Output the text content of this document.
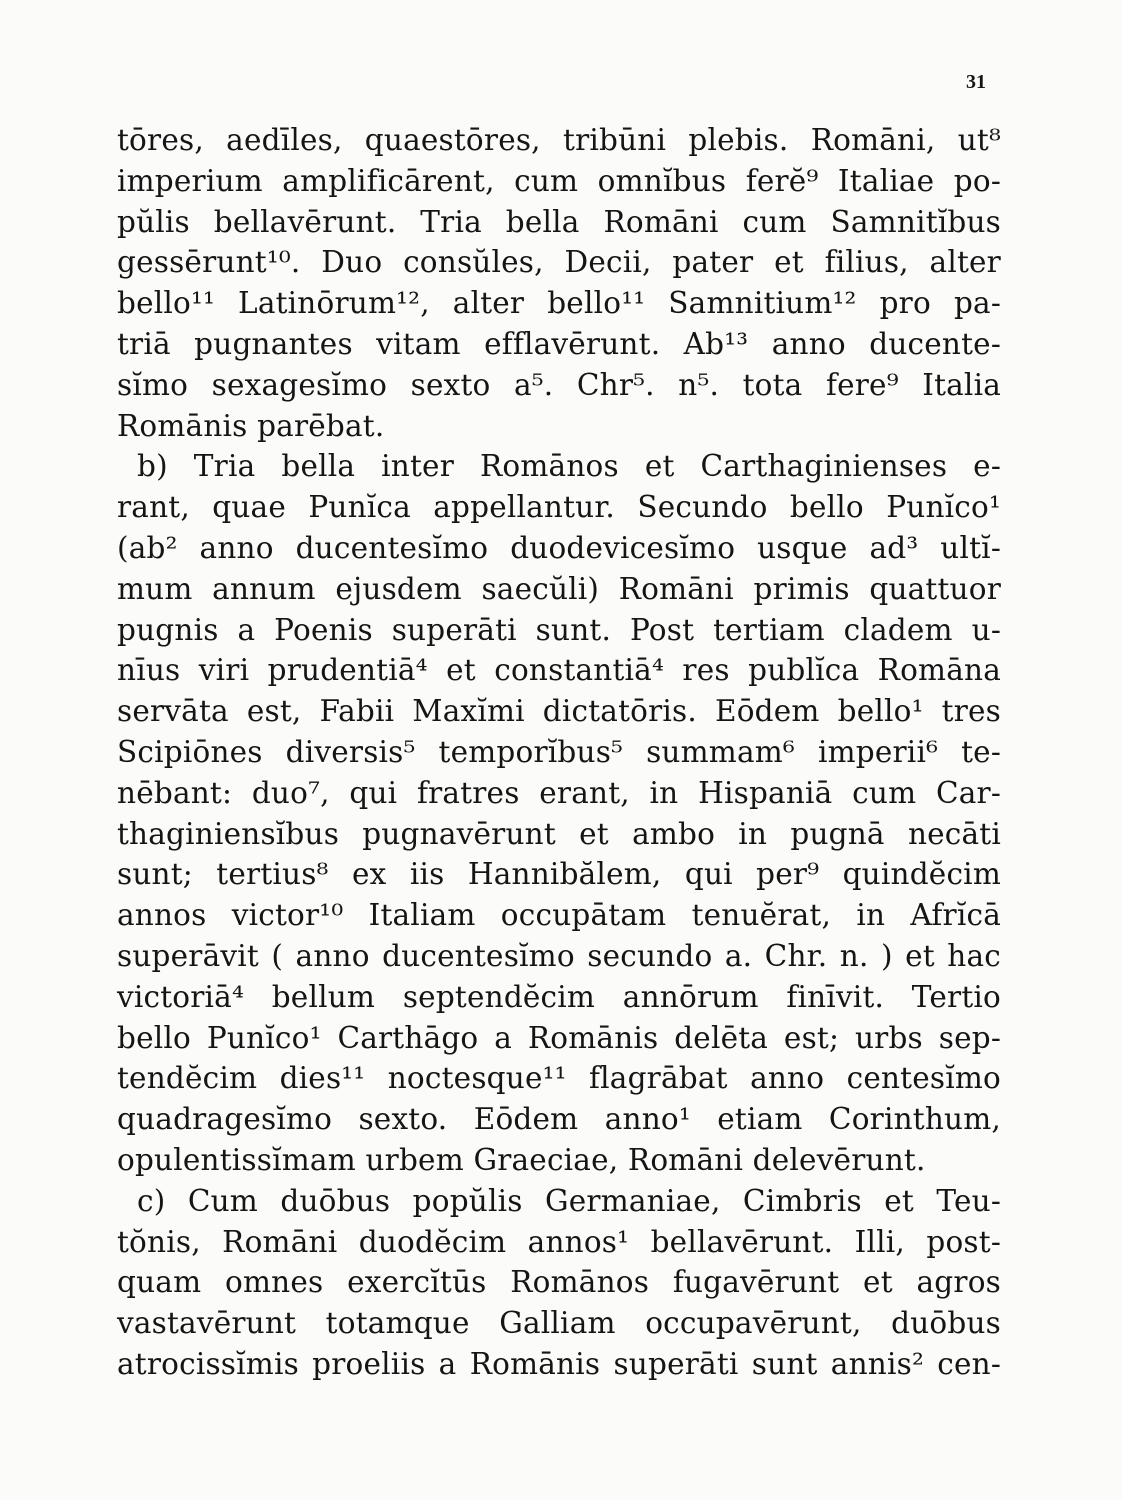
31
tōres, aedīles, quaestōres, tribūni plebis. Romāni, ut⁸
imperium amplificārent, cum omnĭbus ferĕ⁹ Italiae po-
pŭlis bellavērunt. Tria bella Romāni cum Samnitĭbus
gessērunt¹⁰. Duo consŭles, Decii, pater et filius, alter
bello¹¹ Latinōrum¹², alter bello¹¹ Samnitium¹² pro pa-
triā pugnantes vitam efflavērunt. Ab¹³ anno ducente-
sĭmo sexagesĭmo sexto a⁵. Chr⁵. n⁵. tota fere⁹ Italia
Romānis parēbat.
b) Tria bella inter Romānos et Carthaginienses e-
rant, quae Punĭca appellantur. Secundo bello Punĭco¹
(ab² anno ducentesĭmo duodevicesĭmo usque ad³ ultĭ-
mum annum ejusdem saecŭli) Romāni primis quattuor
pugnis a Poenis superāti sunt. Post tertiam cladem u-
nīus viri prudentiā⁴ et constantiā⁴ res publĭca Romāna
servāta est, Fabii Maxĭmi dictatōris. Eōdem bello¹ tres
Scipiōnes diversis⁵ temporĭbus⁵ summam⁶ imperii⁶ te-
nēbant: duo⁷, qui fratres erant, in Hispaniā cum Car-
thaginiensĭbus pugnavērunt et ambo in pugnā necāti
sunt; tertius⁸ ex iis Hannibălem, qui per⁹ quindĕcim
annos victor¹⁰ Italiam occupātam tenuĕrat, in Afrĭcā
superāvit ( anno ducentesĭmo secundo a. Chr. n. ) et hac
victoriā⁴ bellum septendĕcim annōrum finīvit. Tertio
bello Punĭco¹ Carthāgo a Romānis delēta est; urbs sep-
tendĕcim dies¹¹ noctesque¹¹ flagrābat anno centesĭmo
quadragesĭmo sexto. Eōdem anno¹ etiam Corinthum,
opulentissĭmam urbem Graeciae, Romāni delevērunt.
c) Cum duōbus popŭlis Germaniae, Cimbris et Teu-
tŏnis, Romāni duodĕcim annos¹ bellavērunt. Illi, post-
quam omnes exercĭtūs Romānos fugavērunt et agros
vastavērunt totamque Galliam occupavērunt, duōbus
atrocissĭmis proeliis a Romānis superāti sunt annis² cen-
